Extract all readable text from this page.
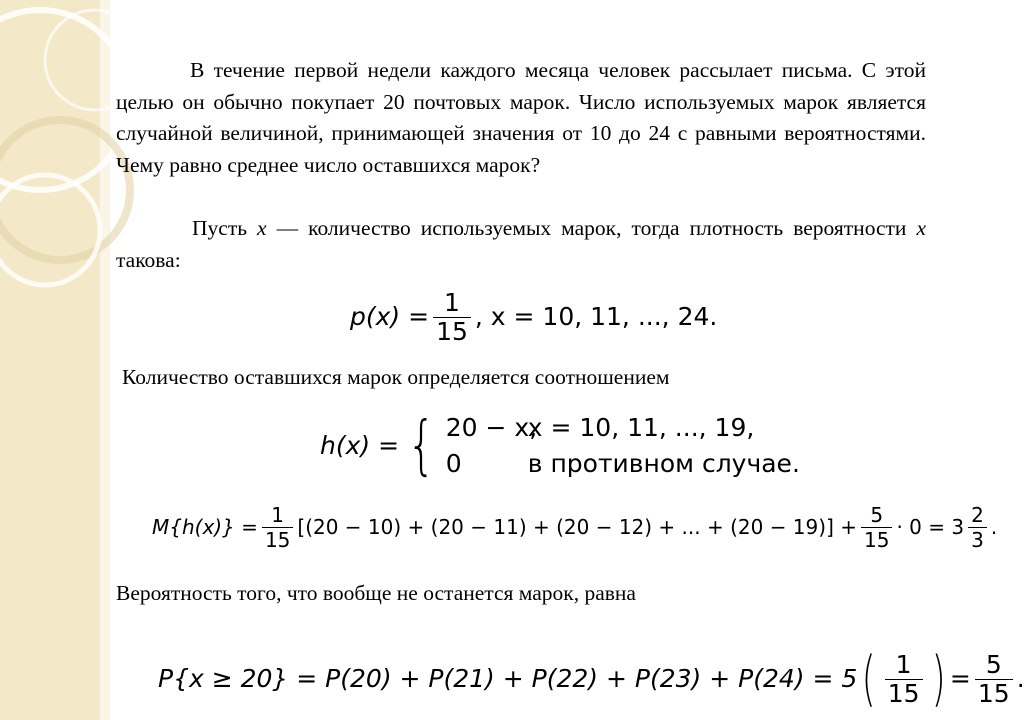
В течение первой недели каждого месяца человек рассылает письма. С этой целью он обычно покупает 20 почтовых марок. Число используемых марок является случайной величиной, принимающей значения от 10 до 24 с равными вероятностями. Чему равно среднее число оставшихся марок?
Пусть x — количество используемых марок, тогда плотность вероятности x такова:
$p(x) = \frac{1}{15}$ , x = 10, 11, ..., 24.
Количество оставшихся марок определяется соотношением
h(x) = { 20 − x,
x = 10, 11, ..., 19,
0	в противном случае.
$M\{h(x)\} = \frac{1}{15} [(20 - 10) + (20 - 11) + (20 - 12)$ + ... + $(20 - 19)] + \frac{5}{15} \cdot 0 = 3 \frac{2}{3}$ .
Вероятность того, что вообще не останется марок, равна
P{x ≥ 20} = P(20) + P(21) + P(22) + P(23) + P(24) = 5 ( $\frac{1}{15}$ ) = $\frac{5}{15}$ .
